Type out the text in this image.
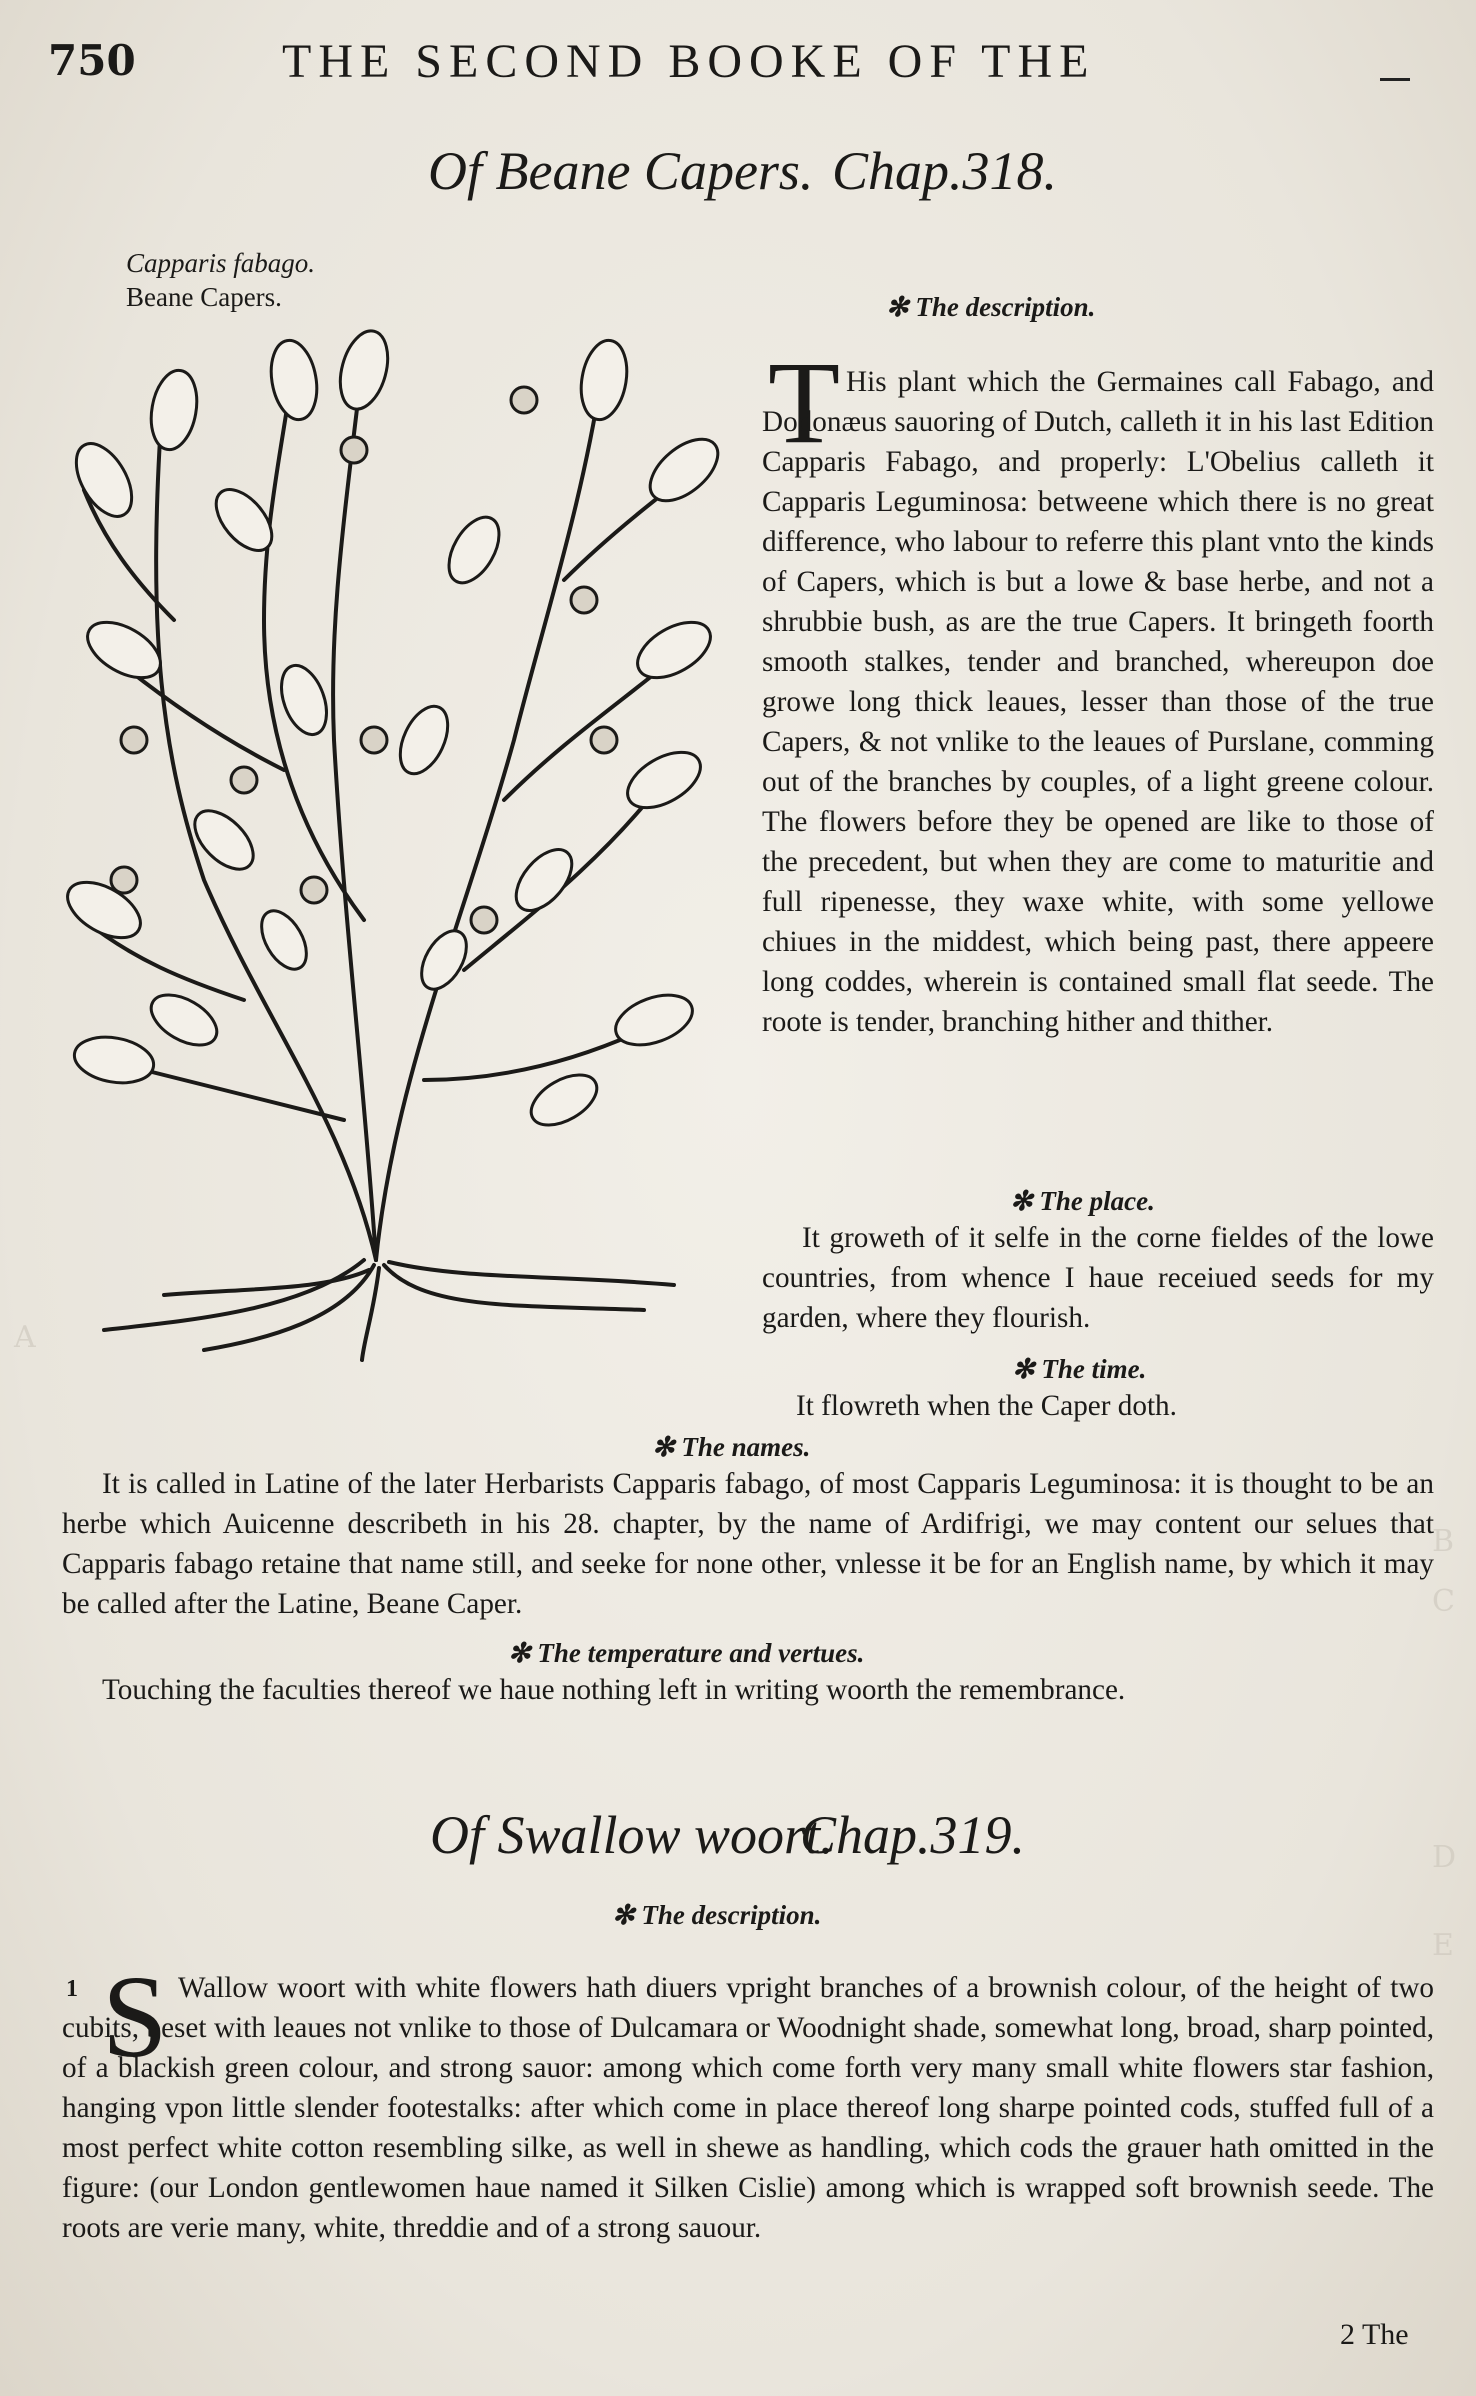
A
B
C
D
E
750	THE SECOND BOOKE OF THE
Of Beane Capers. Chap.318.
Capparis fabago.
Beane Capers.	✻ The description.
T His plant which the Germaines call Fabago, and Dodonæus sauoring of Dutch, calleth it in his last Edition Capparis Fabago, and properly: L'Obelius calleth it Capparis Leguminosa: betweene which there is no great difference, who labour to referre this plant vnto the kinds of Capers, which is but a lowe & base herbe, and not a shrubbie bush, as are the true Capers. It bringeth foorth smooth stalkes, tender and branched, whereupon doe growe long thick leaues, lesser than those of the true Capers, & not vnlike to the leaues of Purslane, comming out of the branches by couples, of a light greene colour. The flowers before they be opened are like to those of the precedent, but when they are come to maturitie and full ripenesse, they waxe white, with some yellowe chiues in the middest, which being past, there appeere long coddes, wherein is contained small flat seede. The roote is tender, branching hither and thither.

✻ The place.

It groweth of it selfe in the corne fieldes of the lowe countries, from whence I haue receiued seeds for my garden, where they flourish.

✻ The time.

It flowreth when the Caper doth.

✻ The names.

It is called in Latine of the later Herbarists Capparis fabago, of most Capparis Leguminosa: it is thought to be an herbe which Auicenne describeth in his 28. chapter, by the name of Ardifrigi, we may content our selues that Capparis fabago retaine that name still, and seeke for none other, vnlesse it be for an English name, by which it may be called after the Latine, Beane Caper.

✻ The temperature and vertues.

Touching the faculties thereof we haue nothing left in writing woorth the remembrance.

Of Swallow woort.
Chap.319.
✻ The description.
1 S Wallow woort with white flowers hath diuers vpright branches of a brownish colour, of the height of two cubits, beset with leaues not vnlike to those of Dulcamara or Woodnight shade, somewhat long, broad, sharp pointed, of a blackish green colour, and strong sauor: among which come forth very many small white flowers star fashion, hanging vpon little slender footestalks: after which come in place thereof long sharpe pointed cods, stuffed full of a most perfect white cotton resembling silke, as well in shewe as handling, which cods the grauer hath omitted in the figure: (our London gentlewomen haue named it Silken Cislie) among which is wrapped soft brownish seede. The roots are verie many, white, threddie and of a strong sauour.

2 The
